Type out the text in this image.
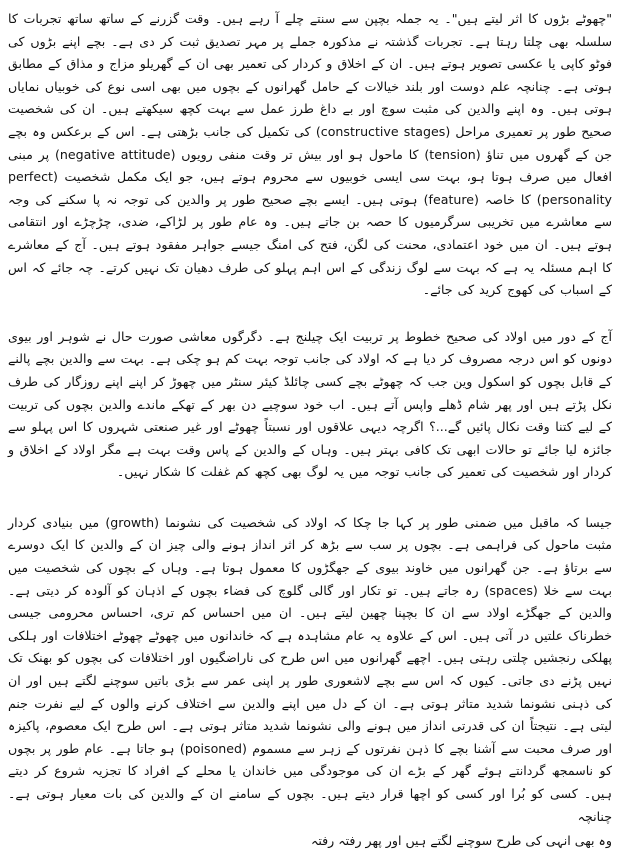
"چھوٹے بڑوں کا اثر لیتے ہیں"۔ یہ جملہ بچپن سے سنتے چلے آ رہے ہیں۔ وقت گزرنے کے ساتھ ساتھ تجربات کا سلسلہ بھی چلتا رہتا ہے۔ تجربات گذشتہ نے مذکورہ جملے پر مہر تصدیق ثبت کر دی ہے۔ بچے اپنے بڑوں کی فوٹو کاپی یا عکسی تصویر ہوتے ہیں۔ ان کے اخلاق و کردار کی تعمیر بھی ان کے گھریلو مزاج و مذاق کے مطابق ہوتی ہے۔ چنانچہ علم دوست اور بلند خیالات کے حامل گھرانوں کے بچوں میں بھی اسی نوع کی خوبیاں نمایاں ہوتی ہیں۔ وہ اپنے والدین کی مثبت سوچ اور بے داغ طرز عمل سے بہت کچھ سیکھتے ہیں۔ ان کی شخصیت صحیح طور پر تعمیری مراحل (constructive stages) کی تکمیل کی جانب بڑھتی ہے۔ اس کے برعکس وہ بچے جن کے گھروں میں تناؤ (tension) کا ماحول ہو اور بیش تر وقت منفی رویوں (negative attitude) پر مبنی افعال میں صرف ہوتا ہو، بہت سی ایسی خوبیوں سے محروم ہوتے ہیں، جو ایک مکمل شخصیت (perfect personality) کا خاصہ (feature) ہوتی ہیں۔ ایسے بچے صحیح طور پر والدین کی توجہ نہ پا سکنے کی وجہ سے معاشرے میں تخریبی سرگرمیوں کا حصہ بن جاتے ہیں۔ وہ عام طور پر لڑاکے، ضدی، چڑچڑے اور انتقامی ہوتے ہیں۔ ان میں خود اعتمادی، محنت کی لگن، فتح کی امنگ جیسے جواہر مفقود ہوتے ہیں۔ آج کے معاشرے کا اہم مسئلہ یہ ہے کہ بہت سے لوگ زندگی کے اس اہم پہلو کی طرف دھیان تک نہیں کرتے۔ چہ جائے کہ اس کے اسباب کی کھوج کرید کی جائے۔

آج کے دور میں اولاد کی صحیح خطوط پر تربیت ایک چیلنج ہے۔ دگرگوں معاشی صورت حال نے شوہر اور بیوی دونوں کو اس درجہ مصروف کر دیا ہے کہ اولاد کی جانب توجہ بہت کم ہو چکی ہے۔ بہت سے والدین بچے پالنے کے قابل بچوں کو اسکول وین جب کہ چھوٹے بچے کسی چائلڈ کیئر سنٹر میں چھوڑ کر اپنے اپنے روزگار کی طرف نکل پڑتے ہیں اور پھر شام ڈھلے واپس آتے ہیں۔ اب خود سوچیے دن بھر کے تھکے ماندے والدین بچوں کی تربیت کے لیے کتنا وقت نکال پائیں گے...؟ اگرچہ دیہی علاقوں اور نسبتاً چھوٹے اور غیر صنعتی شہروں کا اس پہلو سے جائزہ لیا جائے تو حالات ابھی تک کافی بہتر ہیں۔ وہاں کے والدین کے پاس وقت بہت ہے مگر اولاد کے اخلاق و کردار اور شخصیت کی تعمیر کی جانب توجہ میں یہ لوگ بھی کچھ کم غفلت کا شکار نہیں۔

جیسا کہ ماقبل میں ضمنی طور پر کہا جا چکا کہ اولاد کی شخصیت کی نشونما (growth) میں بنیادی کردار مثبت ماحول کی فراہمی ہے۔ بچوں پر سب سے بڑھ کر اثر انداز ہونے والی چیز ان کے والدین کا ایک دوسرے سے برتاؤ ہے۔ جن گھرانوں میں خاوند بیوی کے جھگڑوں کا معمول ہوتا ہے۔ وہاں کے بچوں کی شخصیت میں بہت سے خلا (spaces) رہ جاتے ہیں۔ تو تکار اور گالی گلوچ کی فضاء بچوں کے اذہان کو آلودہ کر دیتی ہے۔ والدین کے جھگڑے اولاد سے ان کا بچپنا چھین لیتے ہیں۔ ان میں احساس کم تری، احساس محرومی جیسی خطرناک علتیں در آتی ہیں۔ اس کے علاوہ یہ عام مشاہدہ ہے کہ خاندانوں میں چھوٹے چھوٹے اختلافات اور ہلکی پھلکی رنجشیں چلتی رہتی ہیں۔ اچھے گھرانوں میں اس طرح کی ناراضگیوں اور اختلافات کی بچوں کو بھنک تک نہیں پڑنے دی جاتی۔ کیوں کہ اس سے بچے لاشعوری طور پر اپنی عمر سے بڑی باتیں سوچنے لگتے ہیں اور ان کی ذہنی نشونما شدید متاثر ہوتی ہے۔ ان کے دل میں اپنے والدین سے اختلاف کرنے والوں کے لیے نفرت جنم لیتی ہے۔ نتیجتاً ان کی قدرتی انداز میں ہونے والی نشونما شدید متاثر ہوتی ہے۔ اس طرح ایک معصوم، پاکیزہ اور صرف محبت سے آشنا بچے کا ذہن نفرتوں کے زہر سے مسموم (poisoned) ہو جاتا ہے۔ عام طور پر بچوں کو ناسمجھ گردانتے ہوئے گھر کے بڑے ان کی موجودگی میں خاندان یا محلے کے افراد کا تجزیہ شروع کر دیتے ہیں۔ کسی کو بُرا اور کسی کو اچھا قرار دیتے ہیں۔ بچوں کے سامنے ان کے والدین کی بات معیار ہوتی ہے۔ چنانچہ

وہ بھی انہی کی طرح سوچنے لگتے ہیں اور پھر رفتہ رفتہ
